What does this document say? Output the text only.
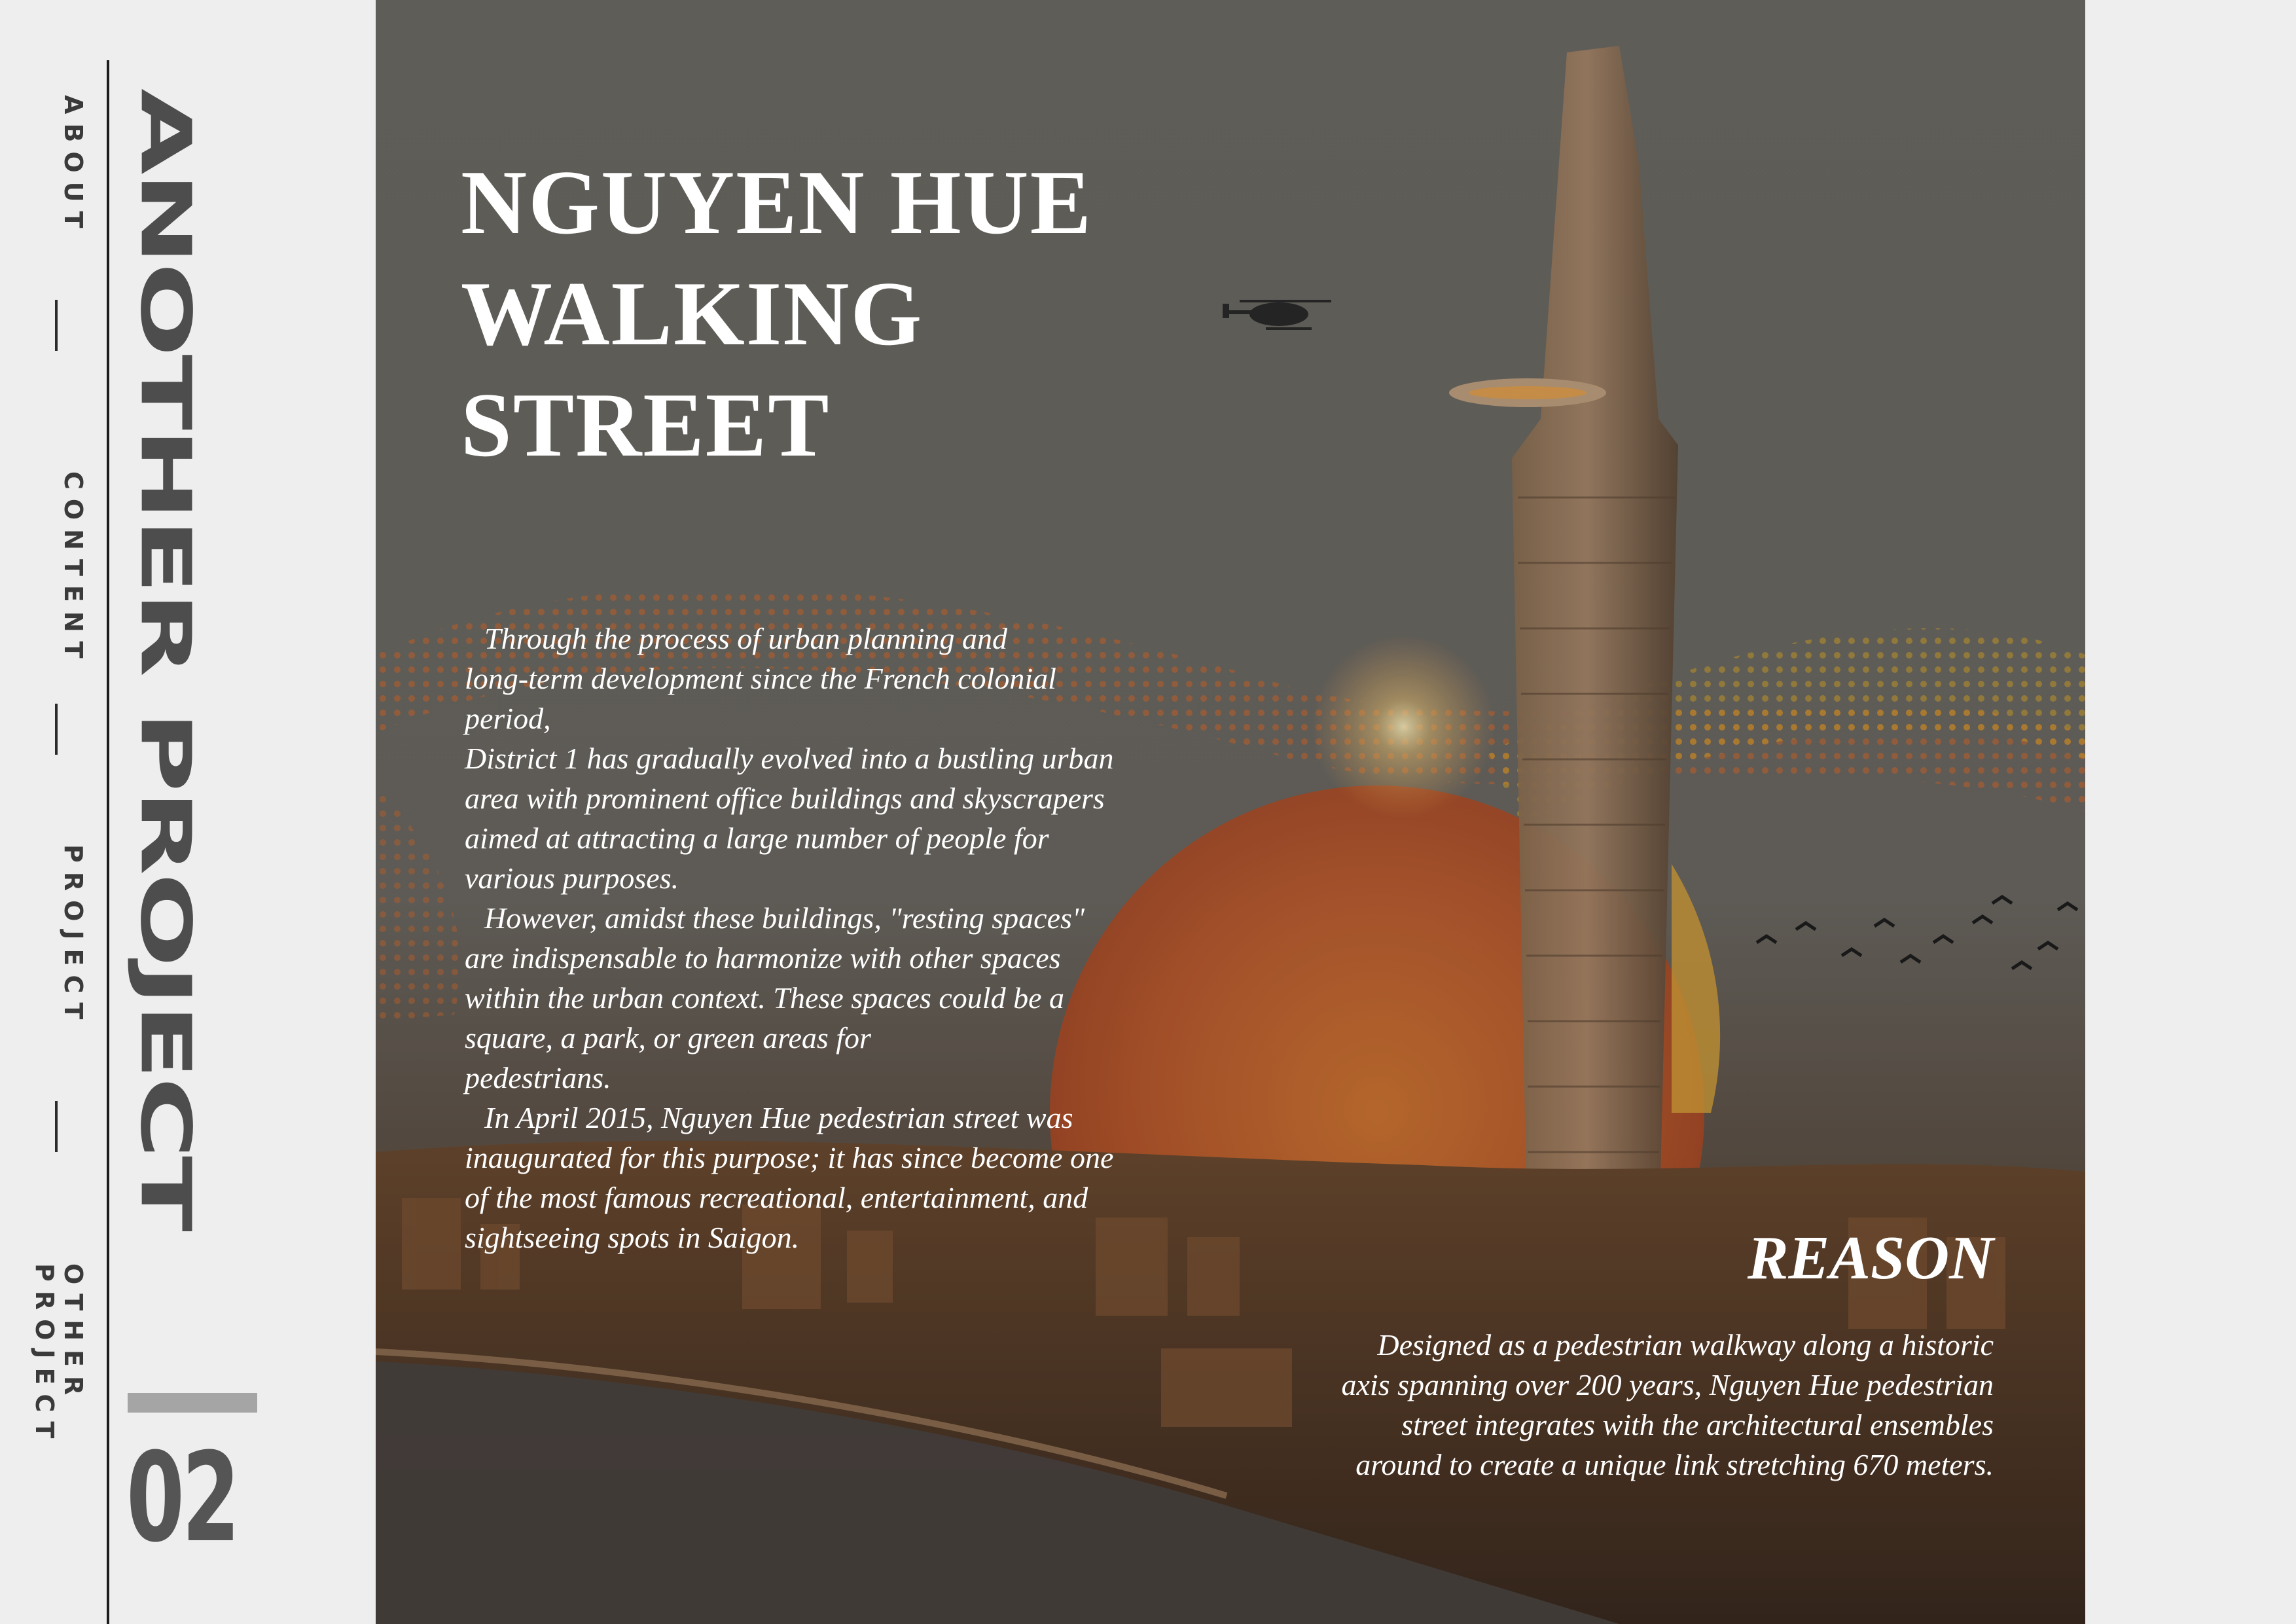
ABOUT
CONTENT
PROJECT
OTHER PROJECT
ANOTHER PROJECT
02
NGUYEN HUE
WALKING
STREET

Through the process of urban planning and
long-term development since the French colonial
period,

District 1 has gradually evolved into a bustling urban
area with prominent office buildings and skyscrapers
aimed at attracting a large number of people for
various purposes.

However, amidst these buildings, "resting spaces"
are indispensable to harmonize with other spaces
within the urban context. These spaces could be a
square, a park, or green areas for
pedestrians.

In April 2015, Nguyen Hue pedestrian street was
inaugurated for this purpose; it has since become one
of the most famous recreational, entertainment, and
sightseeing spots in Saigon.	REASON
Designed as a pedestrian walkway along a historic
axis spanning over 200 years, Nguyen Hue pedestrian
street integrates with the architectural ensembles
around to create a unique link stretching 670 meters.
